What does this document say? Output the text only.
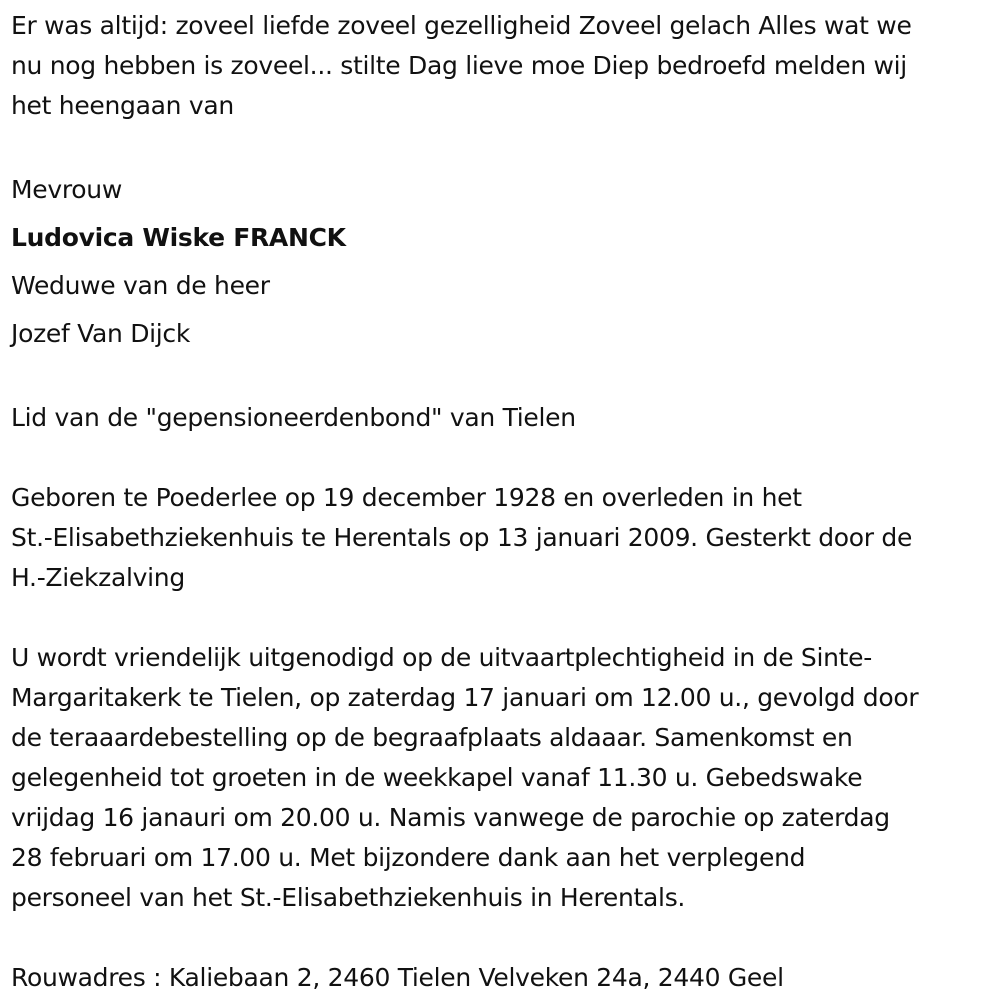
Er was altijd: zoveel liefde zoveel gezelligheid Zoveel gelach Alles wat we
nu nog hebben is zoveel... stilte Dag lieve moe Diep bedroefd melden wij
het heengaan van
Mevrouw
Ludovica Wiske FRANCK
Weduwe van de heer
Jozef Van Dijck
Lid van de "gepensioneerdenbond" van Tielen
Geboren te Poederlee op 19 december 1928 en overleden in het
St.-Elisabethziekenhuis te Herentals op 13 januari 2009. Gesterkt door de
H.-Ziekzalving
U wordt vriendelijk uitgenodigd op de uitvaartplechtigheid in de Sinte-
Margaritakerk te Tielen, op zaterdag 17 januari om 12.00 u., gevolgd door
de teraaardebestelling op de begraafplaats aldaaar. Samenkomst en
gelegenheid tot groeten in de weekkapel vanaf 11.30 u. Gebedswake
vrijdag 16 janauri om 20.00 u. Namis vanwege de parochie op zaterdag
28 februari om 17.00 u. Met bijzondere dank aan het verplegend
personeel van het St.-Elisabethziekenhuis in Herentals.
Rouwadres : Kaliebaan 2, 2460 Tielen Velveken 24a, 2440 Geel
